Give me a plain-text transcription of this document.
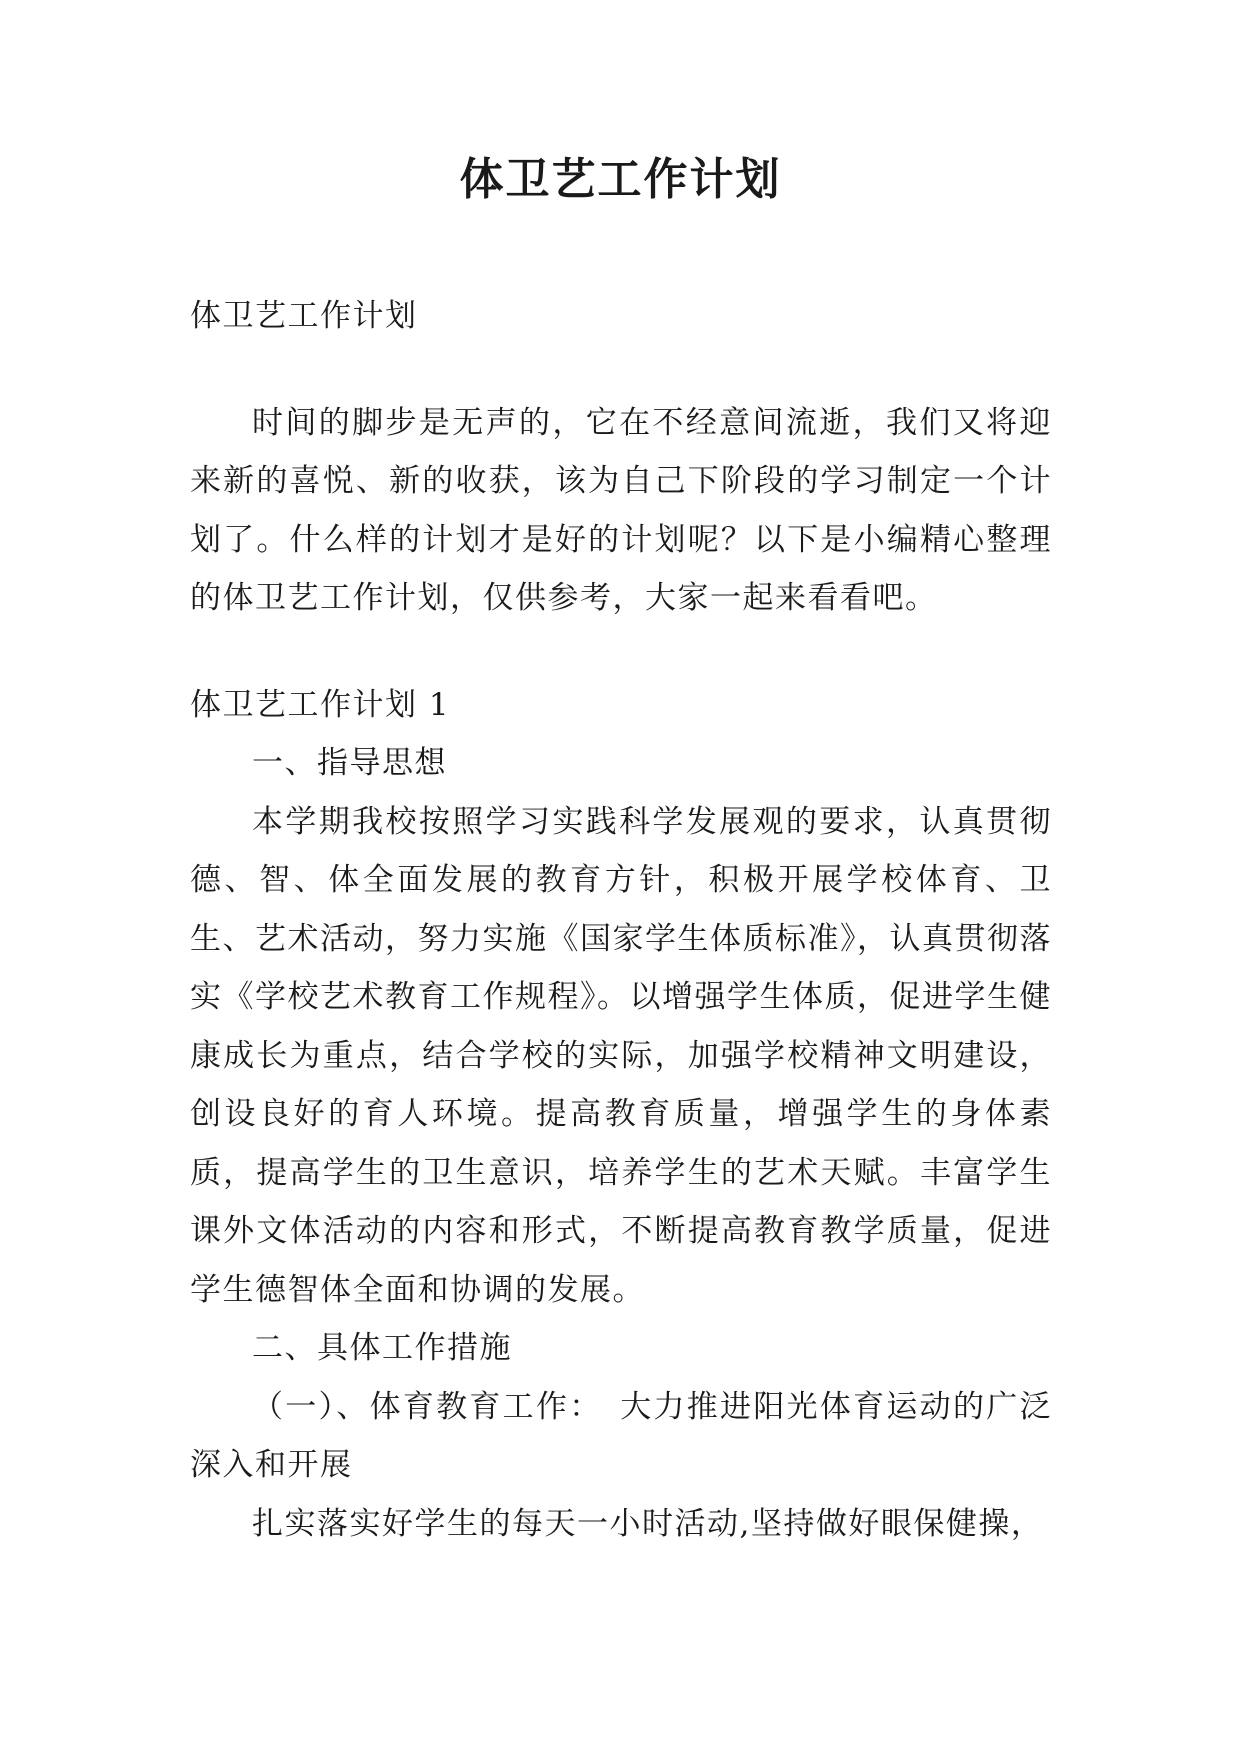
体卫艺工作计划

体卫艺工作计划

时间的脚步是无声的，它在不经意间流逝，我们又将迎来新的喜悦、新的收获，该为自己下阶段的学习制定一个计划了。什么样的计划才是好的计划呢？以下是小编精心整理的体卫艺工作计划，仅供参考，大家一起来看看吧。

体卫艺工作计划 1

一、指导思想

本学期我校按照学习实践科学发展观的要求，认真贯彻德、智、体全面发展的教育方针，积极开展学校体育、卫生、艺术活动，努力实施《国家学生体质标准》，认真贯彻落实《学校艺术教育工作规程》。以增强学生体质，促进学生健康成长为重点，结合学校的实际，加强学校精神文明建设，创设良好的育人环境。提高教育质量，增强学生的身体素质，提高学生的卫生意识，培养学生的艺术天赋。丰富学生课外文体活动的内容和形式，不断提高教育教学质量，促进学生德智体全面和协调的发展。

二、具体工作措施

（一）、体育教育工作：　大力推进阳光体育运动的广泛深入和开展

扎实落实好学生的每天一小时活动,坚持做好眼保健操，
